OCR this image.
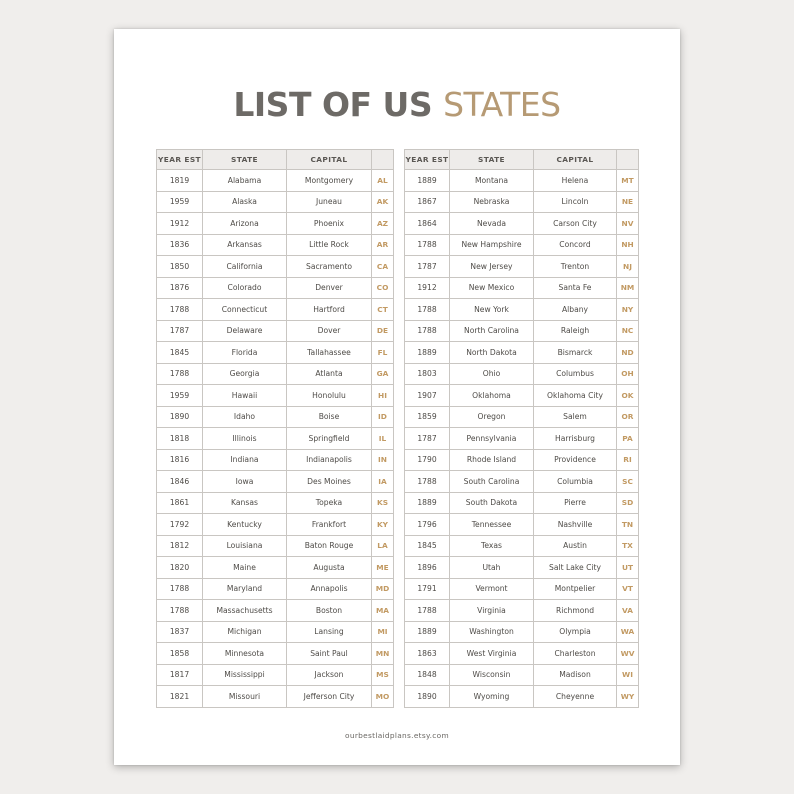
LIST OF US STATES
YEAR EST	STATE	CAPITAL	
1819	Alabama	Montgomery	AL
1959	Alaska	Juneau	AK
1912	Arizona	Phoenix	AZ
1836	Arkansas	Little Rock	AR
1850	California	Sacramento	CA
1876	Colorado	Denver	CO
1788	Connecticut	Hartford	CT
1787	Delaware	Dover	DE
1845	Florida	Tallahassee	FL
1788	Georgia	Atlanta	GA
1959	Hawaii	Honolulu	HI
1890	Idaho	Boise	ID
1818	Illinois	Springfield	IL
1816	Indiana	Indianapolis	IN
1846	Iowa	Des Moines	IA
1861	Kansas	Topeka	KS
1792	Kentucky	Frankfort	KY
1812	Louisiana	Baton Rouge	LA
1820	Maine	Augusta	ME
1788	Maryland	Annapolis	MD
1788	Massachusetts	Boston	MA
1837	Michigan	Lansing	MI
1858	Minnesota	Saint Paul	MN
1817	Mississippi	Jackson	MS
1821	Missouri	Jefferson City	MO
YEAR EST	STATE	CAPITAL	
1889	Montana	Helena	MT
1867	Nebraska	Lincoln	NE
1864	Nevada	Carson City	NV
1788	New Hampshire	Concord	NH
1787	New Jersey	Trenton	NJ
1912	New Mexico	Santa Fe	NM
1788	New York	Albany	NY
1788	North Carolina	Raleigh	NC
1889	North Dakota	Bismarck	ND
1803	Ohio	Columbus	OH
1907	Oklahoma	Oklahoma City	OK
1859	Oregon	Salem	OR
1787	Pennsylvania	Harrisburg	PA
1790	Rhode Island	Providence	RI
1788	South Carolina	Columbia	SC
1889	South Dakota	Pierre	SD
1796	Tennessee	Nashville	TN
1845	Texas	Austin	TX
1896	Utah	Salt Lake City	UT
1791	Vermont	Montpelier	VT
1788	Virginia	Richmond	VA
1889	Washington	Olympia	WA
1863	West Virginia	Charleston	WV
1848	Wisconsin	Madison	WI
1890	Wyoming	Cheyenne	WY
ourbestlaidplans.etsy.com
